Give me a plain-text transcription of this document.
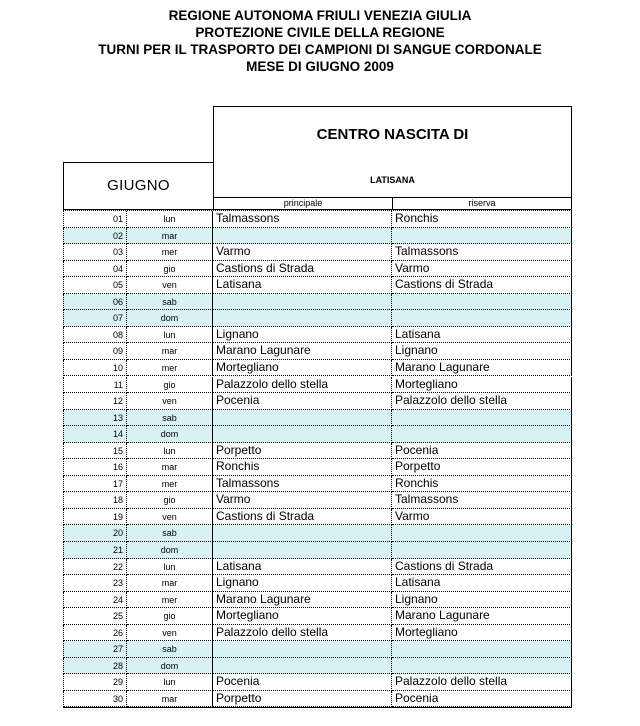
REGIONE AUTONOMA FRIULI VENEZIA GIULIA
PROTEZIONE CIVILE DELLA REGIONE
TURNI PER IL TRASPORTO DEI CAMPIONI DI SANGUE CORDONALE
MESE DI GIUGNO 2009
CENTRO NASCITA DI
LATISANA
GIUGNO
principale	riserva
01	lun	Talmassons	Ronchis
02	mar
03	mer	Varmo	Talmassons
04	gio	Castions di Strada	Varmo
05	ven	Latisana	Castions di Strada
06	sab
07	dom
08	lun	Lignano	Latisana
09	mar	Marano Lagunare	Lignano
10	mer	Mortegliano	Marano Lagunare
11	gio	Palazzolo dello stella	Mortegliano
12	ven	Pocenia	Palazzolo dello stella
13	sab
14	dom
15	lun	Porpetto	Pocenia
16	mar	Ronchis	Porpetto
17	mer	Talmassons	Ronchis
18	gio	Varmo	Talmassons
19	ven	Castions di Strada	Varmo
20	sab
21	dom
22	lun	Latisana	Castions di Strada
23	mar	Lignano	Latisana
24	mer	Marano Lagunare	Lignano
25	gio	Mortegliano	Marano Lagunare
26	ven	Palazzolo dello stella	Mortegliano
27	sab
28	dom
29	lun	Pocenia	Palazzolo dello stella
30	mar	Porpetto	Pocenia
